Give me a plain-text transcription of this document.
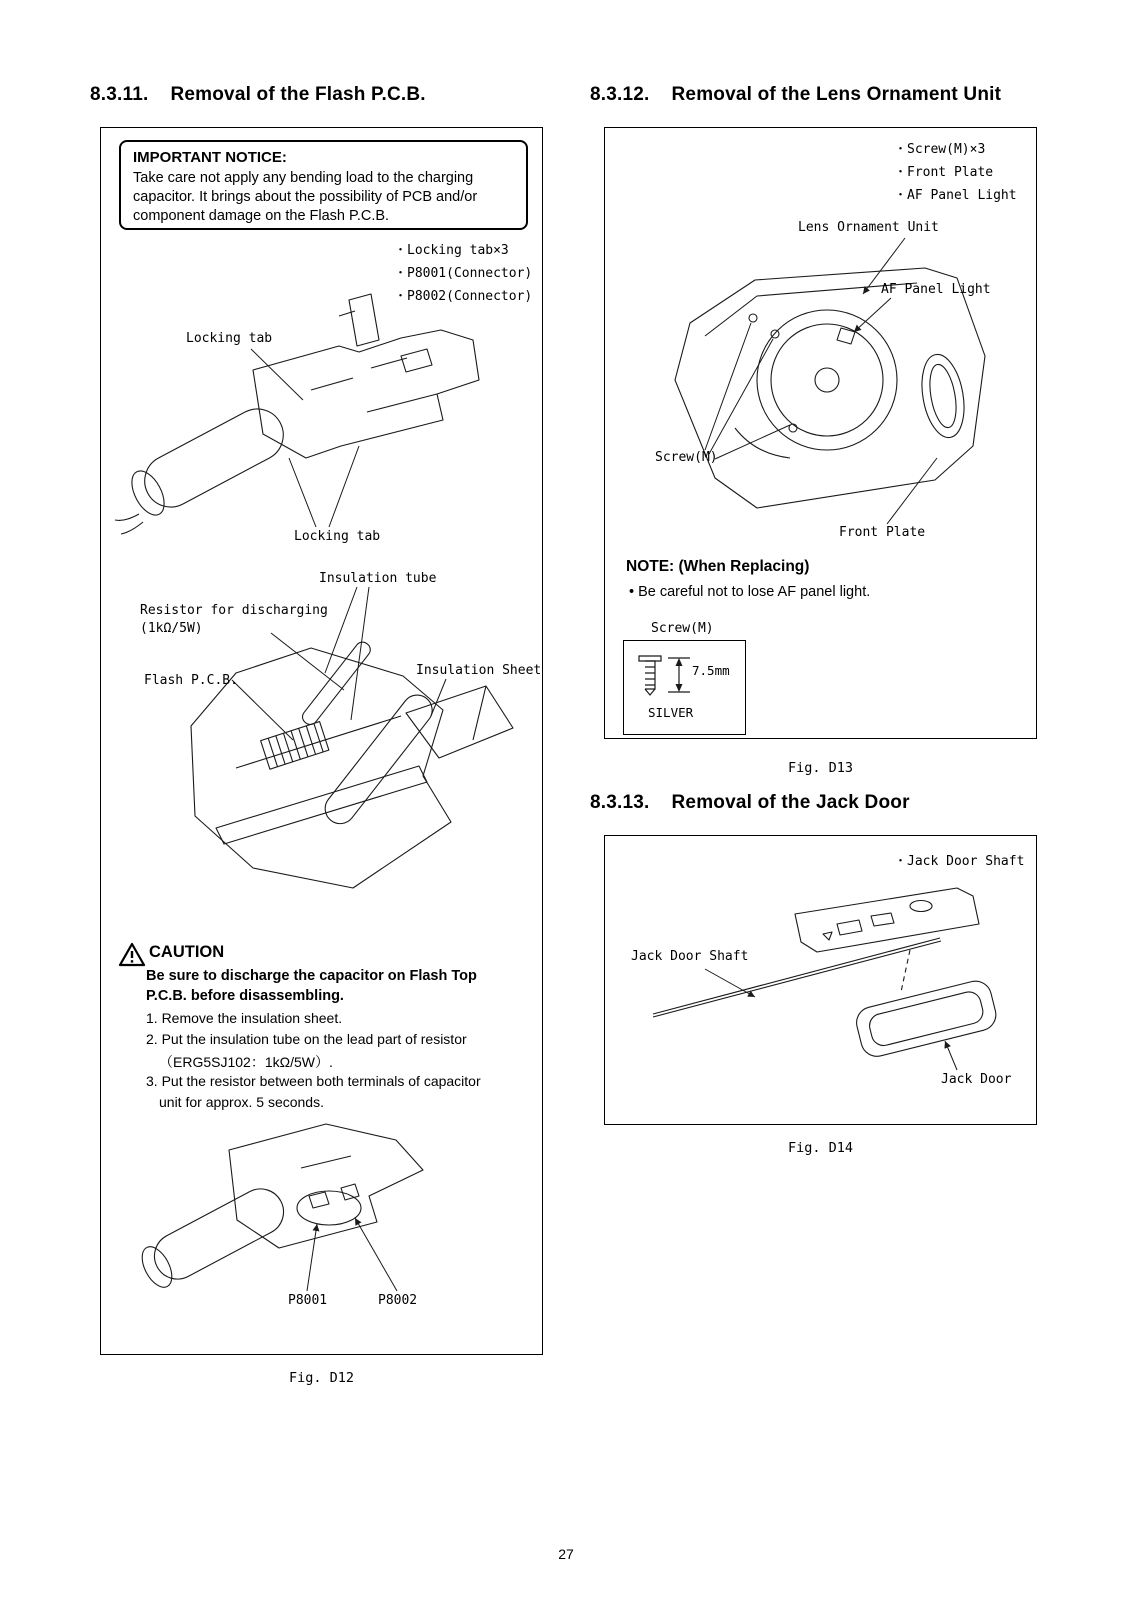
8.3.11. Removal of the Flash P.C.B.
IMPORTANT NOTICE:
Take care not apply any bending load to the charging
capacitor. It brings about the possibility of PCB and/or
component damage on the Flash P.C.B.
・Locking tab×3
・P8001(Connector)
・P8002(Connector)
Locking tab
Locking tab
Insulation tube
Resistor for discharging
(1kΩ/5W)
Flash P.C.B.
Insulation Sheet
P8001	P8002
CAUTION
Be sure to discharge the capacitor on Flash Top
P.C.B. before disassembling.
1. Remove the insulation sheet.
2. Put the insulation tube on the lead part of resistor
（ERG5SJ102：1kΩ/5W）.
3. Put the resistor between both terminals of capacitor
unit for approx. 5 seconds.
Fig. D12
8.3.12. Removal of the Lens Ornament Unit
・Screw(M)×3
・Front Plate
・AF Panel Light
Lens Ornament Unit
AF Panel Light
Screw(M)
Front Plate
NOTE: (When Replacing)
• Be careful not to lose AF panel light.
Screw(M)
7.5mm
SILVER
Fig. D13
8.3.13. Removal of the Jack Door
・Jack Door Shaft
Jack Door Shaft
Jack Door
Fig. D14
27
